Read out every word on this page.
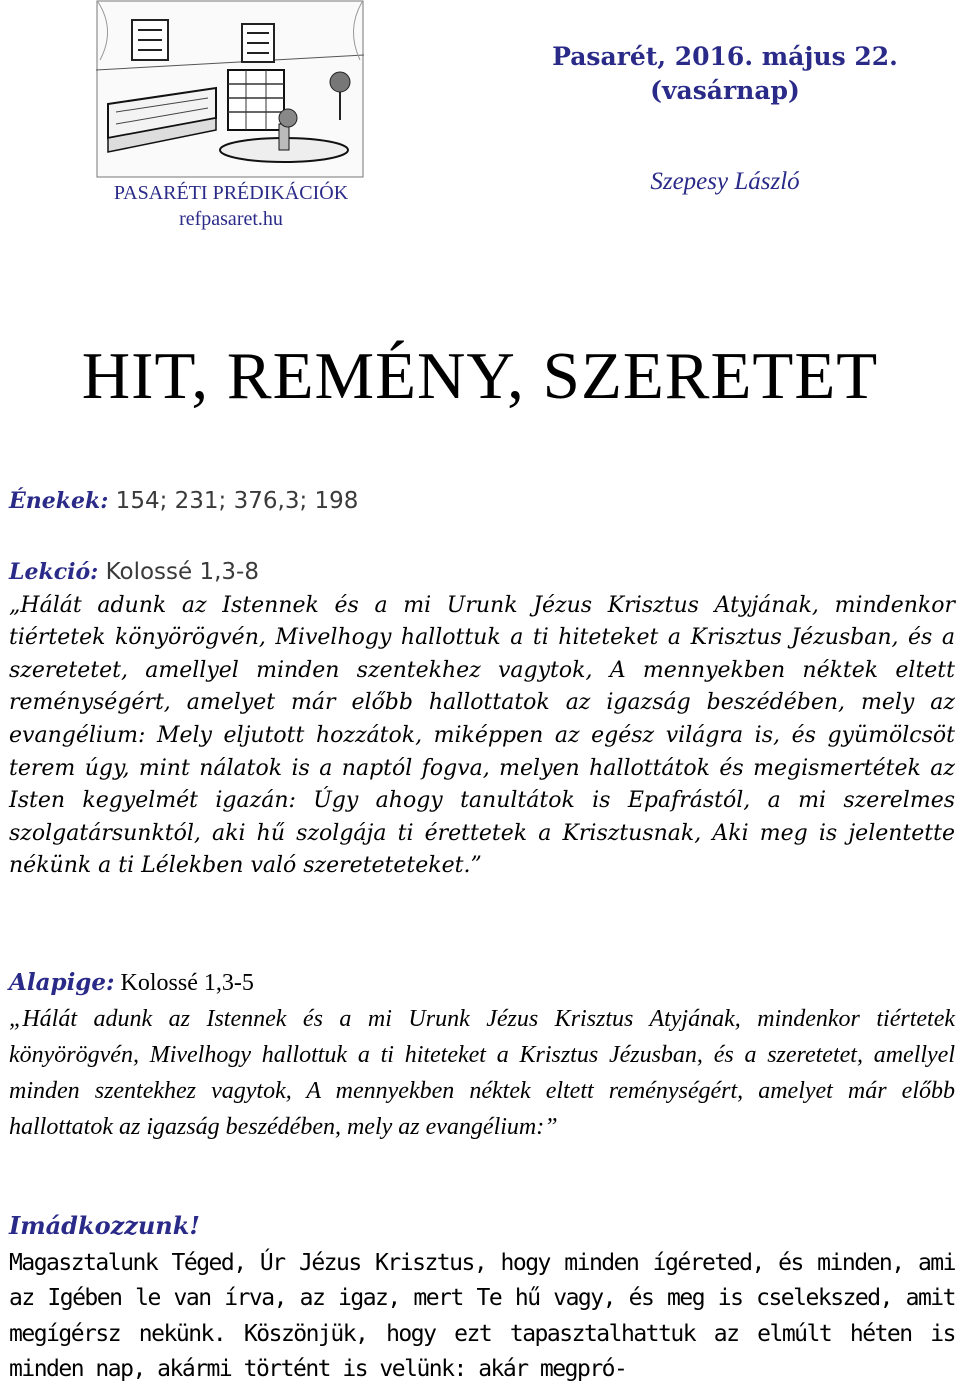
PASARÉTI PRÉDIKÁCIÓK
refpasaret.hu
Pasarét, 2016. május 22.
(vasárnap)
Szepesy László
HIT, REMÉNY, SZERETET
Énekek: 154; 231; 376,3; 198
Lekció: Kolossé 1,3-8
„Hálát adunk az Istennek és a mi Urunk Jézus Krisztus Atyjának, mindenkor tiértetek könyörögvén, Mivelhogy hallottuk a ti hiteteket a Krisztus Jézusban, és a szeretetet, amellyel minden szentekhez vagytok, A mennyekben néktek eltett reménységért, amelyet már előbb hallottatok az igazság beszédében, mely az evangélium: Mely eljutott hozzátok, miképpen az egész világra is, és gyümölcsöt terem úgy, mint nálatok is a naptól fogva, melyen hallottátok és megismertétek az Isten kegyelmét igazán: Úgy ahogy tanultátok is Epafrástól, a mi szerelmes szolgatársunktól, aki hű szolgája ti érettetek a Krisztusnak, Aki meg is jelentette nékünk a ti Lélekben való szereteteteket.”
Alapige: Kolossé 1,3-5
„Hálát adunk az Istennek és a mi Urunk Jézus Krisztus Atyjának, mindenkor tiértetek könyörögvén, Mivelhogy hallottuk a ti hiteteket a Krisztus Jézusban, és a szeretetet, amellyel minden szentekhez vagytok, A mennyekben néktek eltett reménységért, amelyet már előbb hallottatok az igazság beszédében, mely az evangélium:”
Imádkozzunk!
Magasztalunk Téged, Úr Jézus Krisztus, hogy minden ígéreted, és minden, ami az Igében le van írva, az igaz, mert Te hű vagy, és meg is cselekszed, amit megígérsz nekünk. Köszönjük, hogy ezt tapasztalhattuk az elmúlt héten is minden nap, akármi történt is velünk: akár megpró-
